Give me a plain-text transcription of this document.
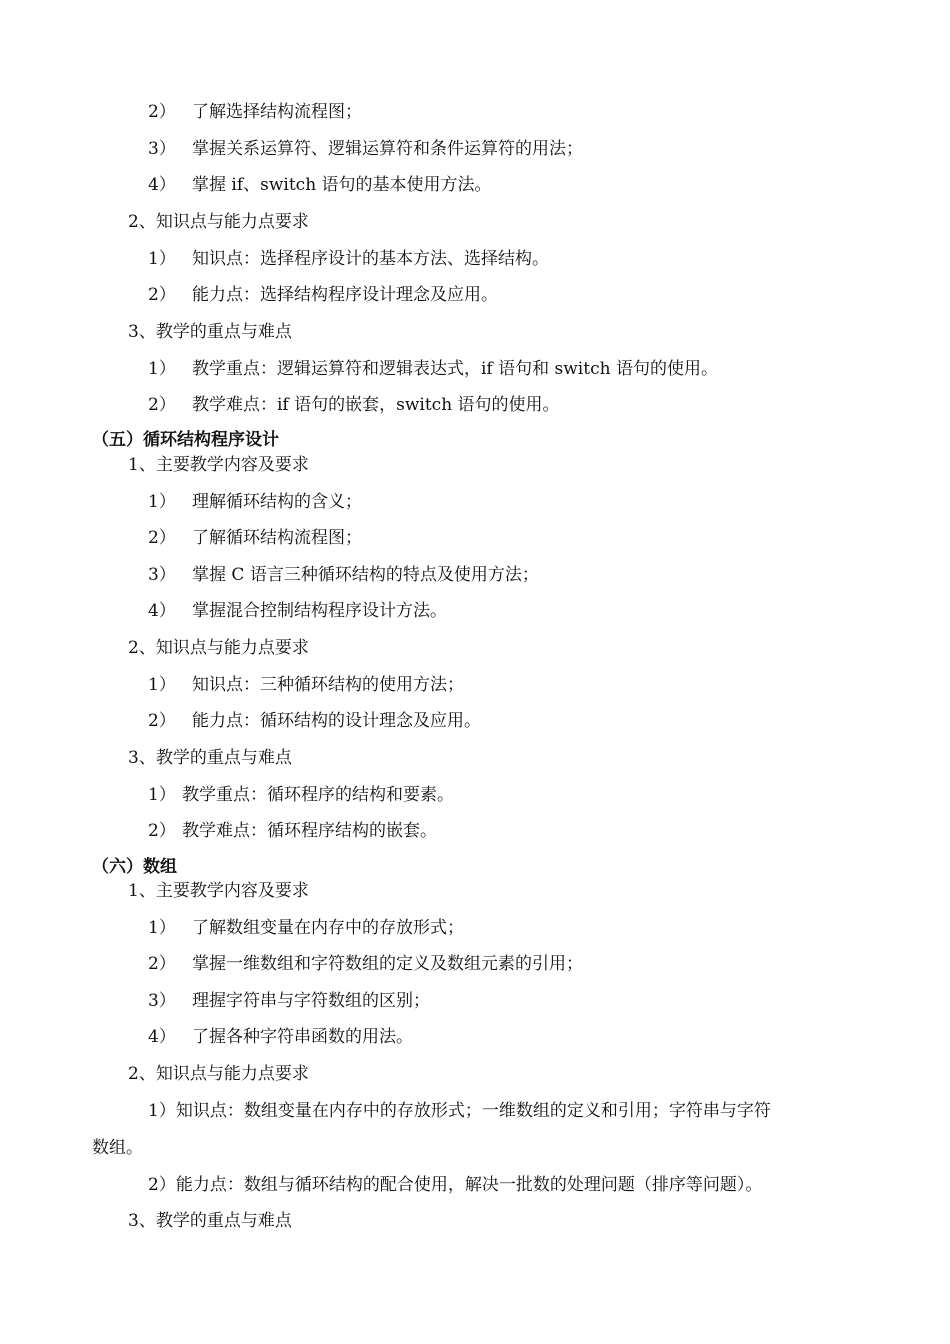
2） 了解选择结构流程图；
3） 掌握关系运算符、逻辑运算符和条件运算符的用法；
4） 掌握 if、switch 语句的基本使用方法。
2、知识点与能力点要求
1） 知识点：选择程序设计的基本方法、选择结构。
2） 能力点：选择结构程序设计理念及应用。
3、教学的重点与难点
1） 教学重点：逻辑运算符和逻辑表达式，if 语句和 switch 语句的使用。
2） 教学难点：if 语句的嵌套，switch 语句的使用。
（五）循环结构程序设计
1、主要教学内容及要求
1） 理解循环结构的含义；
2） 了解循环结构流程图；
3） 掌握 C 语言三种循环结构的特点及使用方法；
4） 掌握混合控制结构程序设计方法。
2、知识点与能力点要求
1） 知识点：三种循环结构的使用方法；
2） 能力点：循环结构的设计理念及应用。
3、教学的重点与难点
1） 教学重点：循环程序的结构和要素。
2） 教学难点：循环程序结构的嵌套。
（六）数组
1、主要教学内容及要求
1） 了解数组变量在内存中的存放形式；
2） 掌握一维数组和字符数组的定义及数组元素的引用；
3） 理握字符串与字符数组的区别；
4） 了握各种字符串函数的用法。
2、知识点与能力点要求
1）知识点：数组变量在内存中的存放形式；一维数组的定义和引用；字符串与字符
数组。
2）能力点：数组与循环结构的配合使用，解决一批数的处理问题（排序等问题）。
3、教学的重点与难点
